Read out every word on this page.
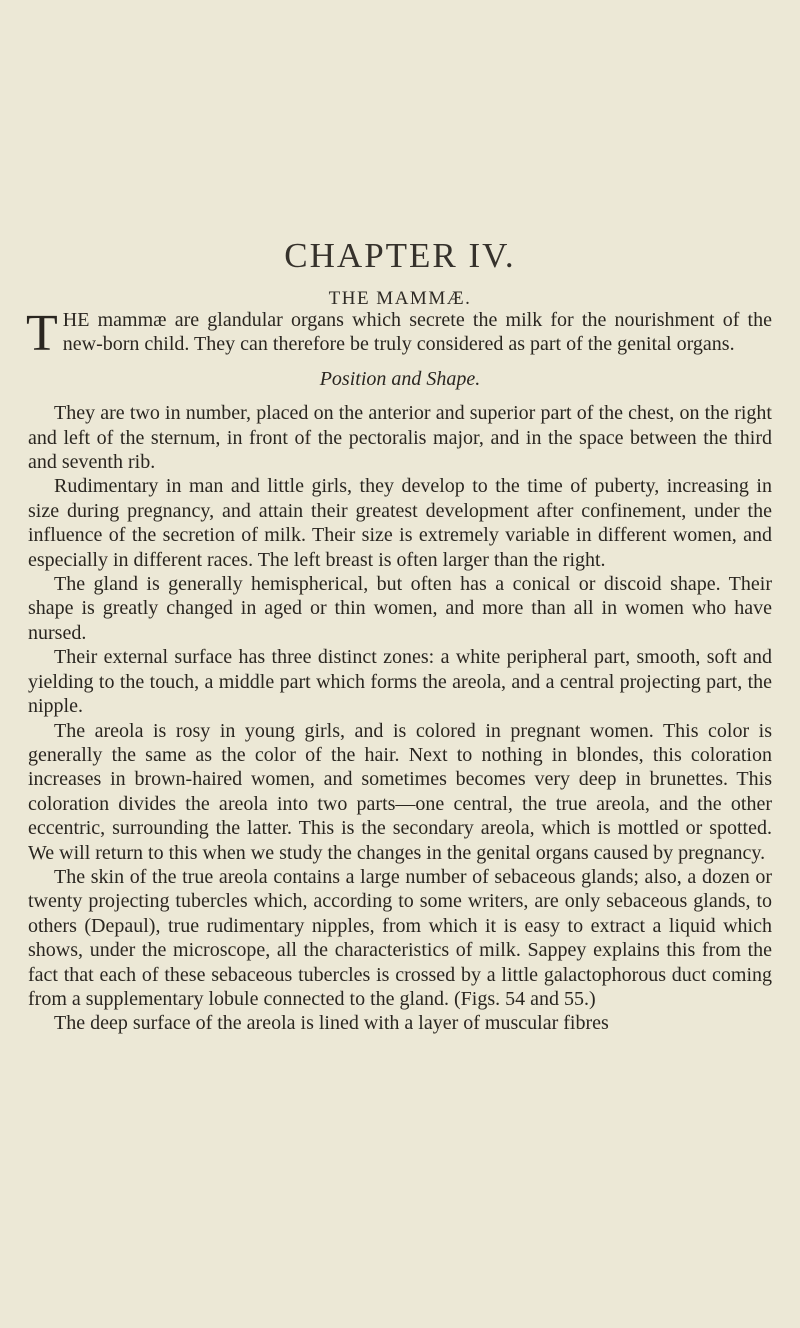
CHAPTER IV.
THE MAMMÆ.

THE mammæ are glandular organs which secrete the milk for the nourishment of the new-born child. They can therefore be truly considered as part of the genital organs.

Position and Shape.

They are two in number, placed on the anterior and superior part of the chest, on the right and left of the sternum, in front of the pectoralis major, and in the space between the third and seventh rib.

Rudimentary in man and little girls, they develop to the time of puberty, increasing in size during pregnancy, and attain their greatest development after confinement, under the influence of the secretion of milk. Their size is extremely variable in different women, and especially in different races. The left breast is often larger than the right.

The gland is generally hemispherical, but often has a conical or discoid shape. Their shape is greatly changed in aged or thin women, and more than all in women who have nursed.

Their external surface has three distinct zones: a white peripheral part, smooth, soft and yielding to the touch, a middle part which forms the areola, and a central projecting part, the nipple.

The areola is rosy in young girls, and is colored in pregnant women. This color is generally the same as the color of the hair. Next to nothing in blondes, this coloration increases in brown-haired women, and sometimes becomes very deep in brunettes. This coloration divides the areola into two parts—one central, the true areola, and the other eccentric, surrounding the latter. This is the secondary areola, which is mottled or spotted. We will return to this when we study the changes in the genital organs caused by pregnancy.

The skin of the true areola contains a large number of sebaceous glands; also, a dozen or twenty projecting tubercles which, according to some writers, are only sebaceous glands, to others (Depaul), true rudimentary nipples, from which it is easy to extract a liquid which shows, under the microscope, all the characteristics of milk. Sappey explains this from the fact that each of these sebaceous tubercles is crossed by a little galactophorous duct coming from a supplementary lobule connected to the gland. (Figs. 54 and 55.)

The deep surface of the areola is lined with a layer of muscular fibres
